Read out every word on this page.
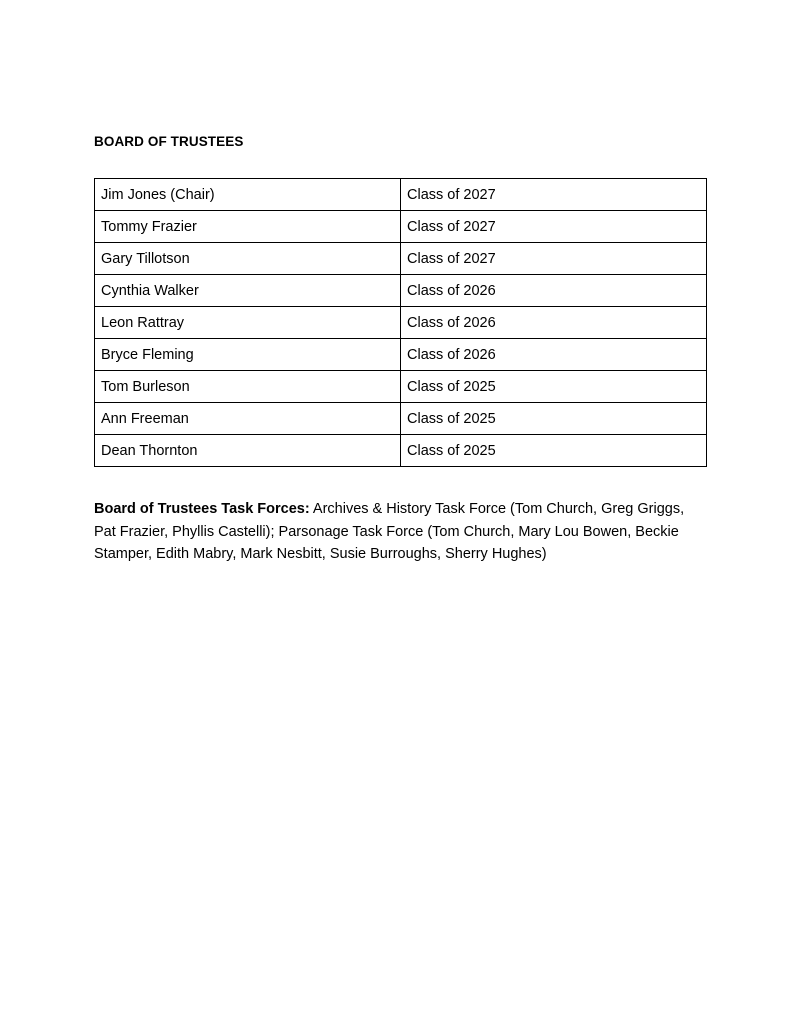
BOARD OF TRUSTEES
Jim Jones (Chair)	Class of 2027
Tommy Frazier	Class of 2027
Gary Tillotson	Class of 2027
Cynthia Walker	Class of 2026
Leon Rattray	Class of 2026
Bryce Fleming	Class of 2026
Tom Burleson	Class of 2025
Ann Freeman	Class of 2025
Dean Thornton	Class of 2025

Board of Trustees Task Forces: Archives & History Task Force (Tom Church, Greg Griggs, Pat Frazier, Phyllis Castelli); Parsonage Task Force (Tom Church, Mary Lou Bowen, Beckie Stamper, Edith Mabry, Mark Nesbitt, Susie Burroughs, Sherry Hughes)
